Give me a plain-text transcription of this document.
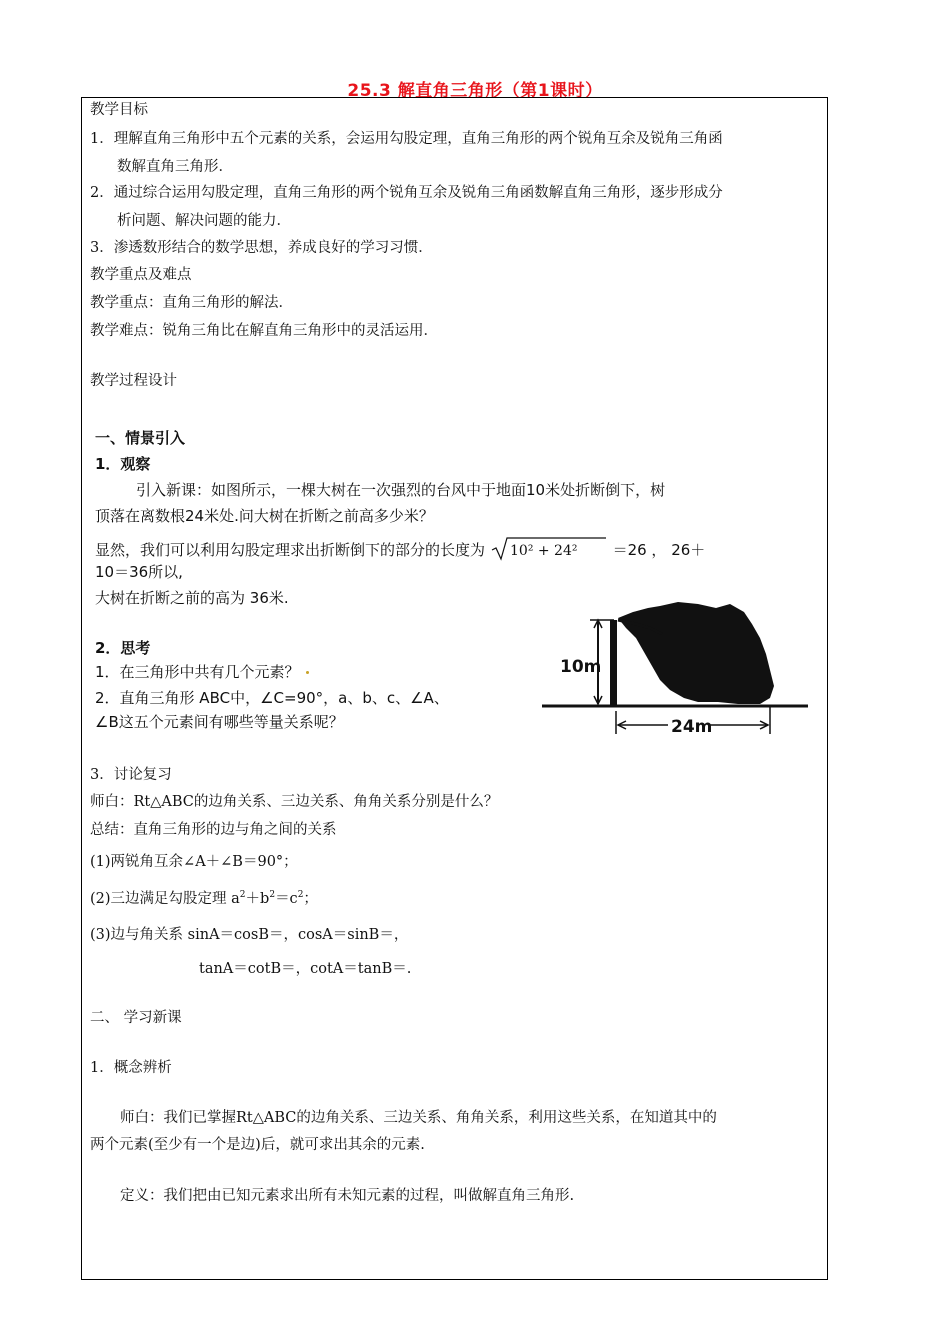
25.3 解直角三角形（第1课时）
教学目标
1．理解直角三角形中五个元素的关系，会运用勾股定理，直角三角形的两个锐角互余及锐角三角函
数解直角三角形．
2．通过综合运用勾股定理，直角三角形的两个锐角互余及锐角三角函数解直角三角形，逐步形成分
析问题、解决问题的能力．
3．渗透数形结合的数学思想，养成良好的学习习惯．
教学重点及难点
教学重点：直角三角形的解法．
教学难点：锐角三角比在解直角三角形中的灵活运用．
教学过程设计
一、情景引入
1．观察
引入新课：如图所示，一棵大树在一次强烈的台风中于地面10米处折断倒下，树
顶落在离数根24米处.问大树在折断之前高多少米？
显然，我们可以利用勾股定理求出折断倒下的部分的长度为 10² + 24² ＝26 ， 26＋
10＝36所以,
大树在折断之前的高为 36米.
2．思考
1．在三角形中共有几个元素？
2．直角三角形 ABC中，∠C=90°，a、b、c、∠A、
∠B这五个元素间有哪些等量关系呢？
10m
24m
3．讨论复习
师白：Rt△ABC的边角关系、三边关系、角角关系分别是什么？
总结：直角三角形的边与角之间的关系
(1)两锐角互余∠A＋∠B＝90°；
(2)三边满足勾股定理 $a^2+b^2=c^2$；
(3)边与角关系 sinA＝cosB＝，cosA＝sinB＝，
tanA＝cotB＝，cotA＝tanB＝.
二、 学习新课
1．概念辨析
师白：我们已掌握Rt△ABC的边角关系、三边关系、角角关系，利用这些关系，在知道其中的
两个元素(至少有一个是边)后，就可求出其余的元素.
定义：我们把由已知元素求出所有未知元素的过程，叫做解直角三角形.
